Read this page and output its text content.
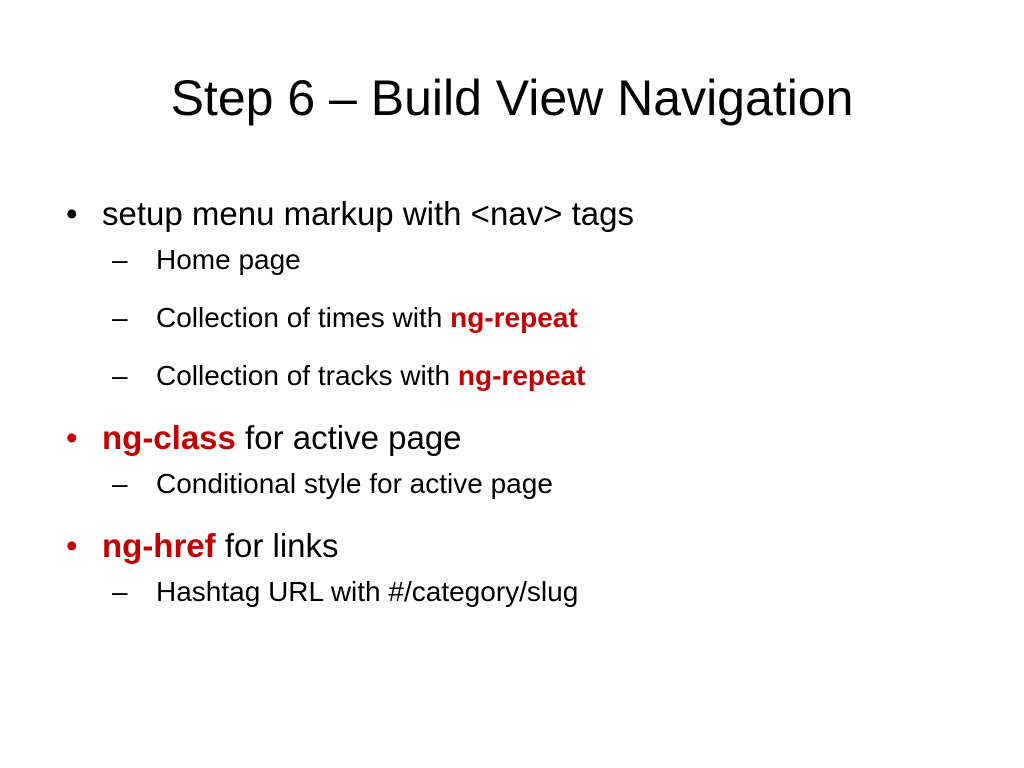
Step 6 – Build View Navigation
• setup menu markup with <nav> tags
– Home page
– Collection of times with ng-repeat
– Collection of tracks with ng-repeat
• ng-class for active page
– Conditional style for active page
• ng-href for links
– Hashtag URL with #/category/slug
